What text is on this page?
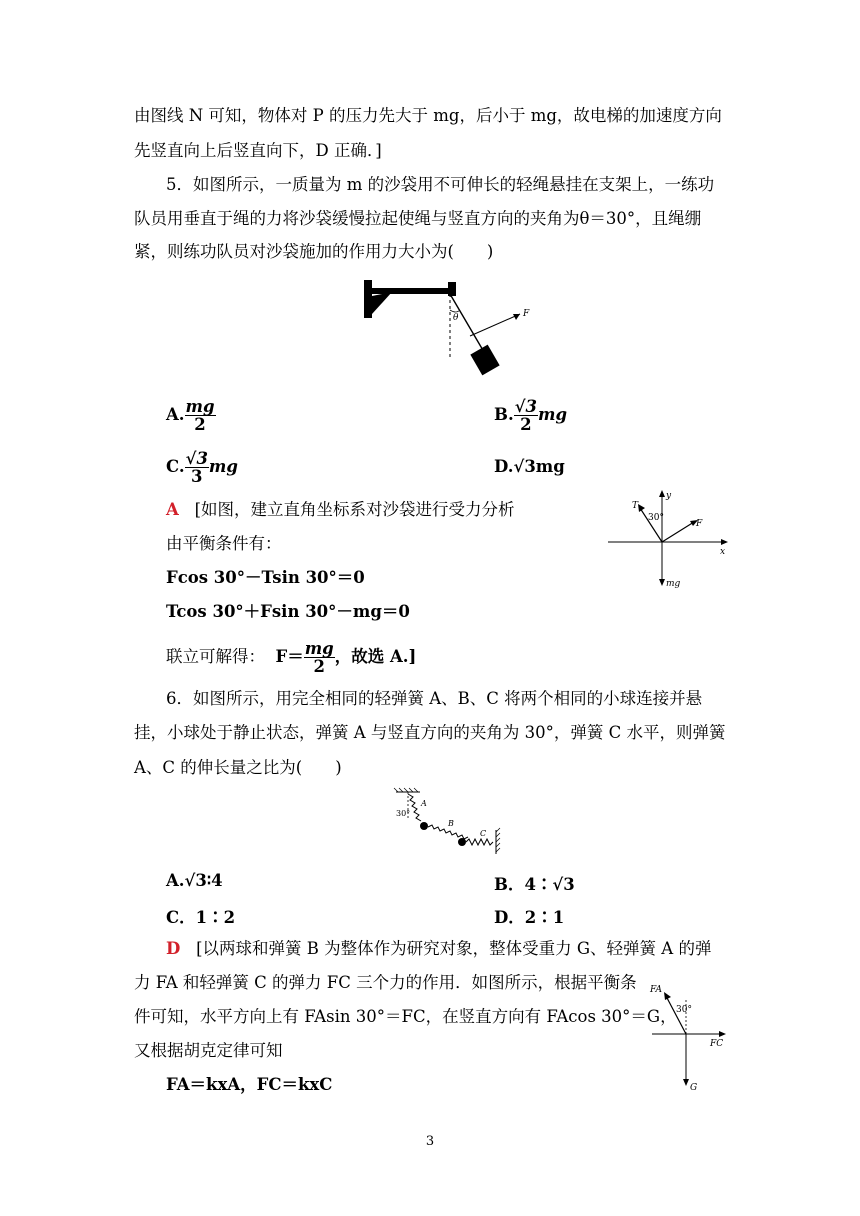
由图线 N 可知，物体对 P 的压力先大于 mg，后小于 mg，故电梯的加速度方向
先竖直向上后竖直向下，D 正确．]
5．如图所示，一质量为 m 的沙袋用不可伸长的轻绳悬挂在支架上，一练功
队员用垂直于绳的力将沙袋缓慢拉起使绳与竖直方向的夹角为θ＝30°，且绳绷
紧，则练功队员对沙袋施加的作用力大小为(　　)
θ	F
A. $\frac{mg}{2}$	B. $\frac{√3}{2}$ mg
C. $\frac{√3}{3}$ mg	D.√3mg
A [如图，建立直角坐标系对沙袋进行受力分析
由平衡条件有：
Fcos 30°－Tsin 30°＝0
Tcos 30°＋Fsin 30°－mg＝0
联立可解得： $F= \frac{mg}{2}$ ，故选 A.]
x
y
T
30°
F
mg
6．如图所示，用完全相同的轻弹簧 A、B、C 将两个相同的小球连接并悬
挂，小球处于静止状态，弹簧 A 与竖直方向的夹角为 30°，弹簧 C 水平，则弹簧
A、C 的伸长量之比为(　　)
30°
A
B
C
A.√3∶4	B．4∶√3
C．1∶2	D．2∶1
D [以两球和弹簧 B 为整体作为研究对象，整体受重力 G、轻弹簧 A 的弹
力 FA 和轻弹簧 C 的弹力 FC 三个力的作用．如图所示，根据平衡条
件可知，水平方向上有 FAsin 30°＝FC，在竖直方向有 FAcos 30°＝G，
又根据胡克定律可知
FA＝kxA，FC＝kxC
FA
30°
FC
G
3
